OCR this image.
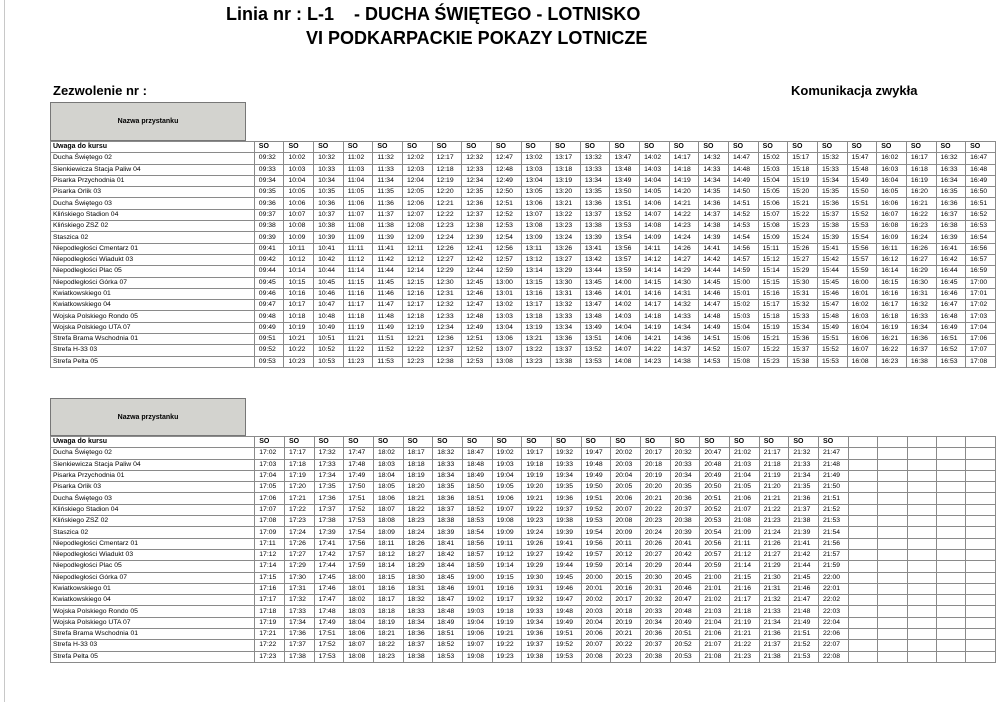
Linia nr : L-1    - DUCHA ŚWIĘTEGO - LOTNISKO
VI PODKARPACKIE POKAZY LOTNICZE
Zezwolenie nr :	Komunikacja zwykła
Nazwa przystanku
Uwaga do kursu	SO	SO	SO	SO	SO	SO	SO	SO	SO	SO	SO	SO	SO	SO	SO	SO	SO	SO	SO	SO	SO	SO	SO	SO	SO
Ducha Świętego 02	09:32	10:02	10:32	11:02	11:32	12:02	12:17	12:32	12:47	13:02	13:17	13:32	13:47	14:02	14:17	14:32	14:47	15:02	15:17	15:32	15:47	16:02	16:17	16:32	16:47
Sienkiewicza Stacja Paliw 04	09:33	10:03	10:33	11:03	11:33	12:03	12:18	12:33	12:48	13:03	13:18	13:33	13:48	14:03	14:18	14:33	14:48	15:03	15:18	15:33	15:48	16:03	16:18	16:33	16:48
Pisarka Przychodnia 01	09:34	10:04	10:34	11:04	11:34	12:04	12:19	12:34	12:49	13:04	13:19	13:34	13:49	14:04	14:19	14:34	14:49	15:04	15:19	15:34	15:49	16:04	16:19	16:34	16:49
Pisarka Orlik 03	09:35	10:05	10:35	11:05	11:35	12:05	12:20	12:35	12:50	13:05	13:20	13:35	13:50	14:05	14:20	14:35	14:50	15:05	15:20	15:35	15:50	16:05	16:20	16:35	16:50
Ducha Świętego 03	09:36	10:06	10:36	11:06	11:36	12:06	12:21	12:36	12:51	13:06	13:21	13:36	13:51	14:06	14:21	14:36	14:51	15:06	15:21	15:36	15:51	16:06	16:21	16:36	16:51
Klińskiego Stadion 04	09:37	10:07	10:37	11:07	11:37	12:07	12:22	12:37	12:52	13:07	13:22	13:37	13:52	14:07	14:22	14:37	14:52	15:07	15:22	15:37	15:52	16:07	16:22	16:37	16:52
Klińskiego ZSZ 02	09:38	10:08	10:38	11:08	11:38	12:08	12:23	12:38	12:53	13:08	13:23	13:38	13:53	14:08	14:23	14:38	14:53	15:08	15:23	15:38	15:53	16:08	16:23	16:38	16:53
Staszica 02	09:39	10:09	10:39	11:09	11:39	12:09	12:24	12:39	12:54	13:09	13:24	13:39	13:54	14:09	14:24	14:39	14:54	15:09	15:24	15:39	15:54	16:09	16:24	16:39	16:54
Niepodległości Cmentarz 01	09:41	10:11	10:41	11:11	11:41	12:11	12:26	12:41	12:56	13:11	13:26	13:41	13:56	14:11	14:26	14:41	14:56	15:11	15:26	15:41	15:56	16:11	16:26	16:41	16:56
Niepodległości Wiadukt 03	09:42	10:12	10:42	11:12	11:42	12:12	12:27	12:42	12:57	13:12	13:27	13:42	13:57	14:12	14:27	14:42	14:57	15:12	15:27	15:42	15:57	16:12	16:27	16:42	16:57
Niepodległości Plac 05	09:44	10:14	10:44	11:14	11:44	12:14	12:29	12:44	12:59	13:14	13:29	13:44	13:59	14:14	14:29	14:44	14:59	15:14	15:29	15:44	15:59	16:14	16:29	16:44	16:59
Niepodległości Górka 07	09:45	10:15	10:45	11:15	11:45	12:15	12:30	12:45	13:00	13:15	13:30	13:45	14:00	14:15	14:30	14:45	15:00	15:15	15:30	15:45	16:00	16:15	16:30	16:45	17:00
Kwiatkowskiego 01	09:46	10:16	10:46	11:16	11:46	12:16	12:31	12:46	13:01	13:16	13:31	13:46	14:01	14:16	14:31	14:46	15:01	15:16	15:31	15:46	16:01	16:16	16:31	16:46	17:01
Kwiatkowskiego 04	09:47	10:17	10:47	11:17	11:47	12:17	12:32	12:47	13:02	13:17	13:32	13:47	14:02	14:17	14:32	14:47	15:02	15:17	15:32	15:47	16:02	16:17	16:32	16:47	17:02
Wojska Polskiego Rondo 05	09:48	10:18	10:48	11:18	11:48	12:18	12:33	12:48	13:03	13:18	13:33	13:48	14:03	14:18	14:33	14:48	15:03	15:18	15:33	15:48	16:03	16:18	16:33	16:48	17:03
Wojska Polskiego UTA 07	09:49	10:19	10:49	11:19	11:49	12:19	12:34	12:49	13:04	13:19	13:34	13:49	14:04	14:19	14:34	14:49	15:04	15:19	15:34	15:49	16:04	16:19	16:34	16:49	17:04
Strefa Brama Wschodnia 01	09:51	10:21	10:51	11:21	11:51	12:21	12:36	12:51	13:06	13:21	13:36	13:51	14:06	14:21	14:36	14:51	15:06	15:21	15:36	15:51	16:06	16:21	16:36	16:51	17:06
Strefa H-33 03	09:52	10:22	10:52	11:22	11:52	12:22	12:37	12:52	13:07	13:22	13:37	13:52	14:07	14:22	14:37	14:52	15:07	15:22	15:37	15:52	16:07	16:22	16:37	16:52	17:07
Strefa Pelta 05	09:53	10:23	10:53	11:23	11:53	12:23	12:38	12:53	13:08	13:23	13:38	13:53	14:08	14:23	14:38	14:53	15:08	15:23	15:38	15:53	16:08	16:23	16:38	16:53	17:08
Nazwa przystanku
Uwaga do kursu	SO	SO	SO	SO	SO	SO	SO	SO	SO	SO	SO	SO	SO	SO	SO	SO	SO	SO	SO	SO					
Ducha Świętego 02	17:02	17:17	17:32	17:47	18:02	18:17	18:32	18:47	19:02	19:17	19:32	19:47	20:02	20:17	20:32	20:47	21:02	21:17	21:32	21:47					
Sienkiewicza Stacja Paliw 04	17:03	17:18	17:33	17:48	18:03	18:18	18:33	18:48	19:03	19:18	19:33	19:48	20:03	20:18	20:33	20:48	21:03	21:18	21:33	21:48					
Pisarka Przychodnia 01	17:04	17:19	17:34	17:49	18:04	18:19	18:34	18:49	19:04	19:19	19:34	19:49	20:04	20:19	20:34	20:49	21:04	21:19	21:34	21:49					
Pisarka Orlik 03	17:05	17:20	17:35	17:50	18:05	18:20	18:35	18:50	19:05	19:20	19:35	19:50	20:05	20:20	20:35	20:50	21:05	21:20	21:35	21:50					
Ducha Świętego 03	17:06	17:21	17:36	17:51	18:06	18:21	18:36	18:51	19:06	19:21	19:36	19:51	20:06	20:21	20:36	20:51	21:06	21:21	21:36	21:51					
Klińskiego Stadion 04	17:07	17:22	17:37	17:52	18:07	18:22	18:37	18:52	19:07	19:22	19:37	19:52	20:07	20:22	20:37	20:52	21:07	21:22	21:37	21:52					
Klińskiego ZSZ 02	17:08	17:23	17:38	17:53	18:08	18:23	18:38	18:53	19:08	19:23	19:38	19:53	20:08	20:23	20:38	20:53	21:08	21:23	21:38	21:53					
Staszica 02	17:09	17:24	17:39	17:54	18:09	18:24	18:39	18:54	19:09	19:24	19:39	19:54	20:09	20:24	20:39	20:54	21:09	21:24	21:39	21:54					
Niepodległości Cmentarz 01	17:11	17:26	17:41	17:56	18:11	18:26	18:41	18:56	19:11	19:26	19:41	19:56	20:11	20:26	20:41	20:56	21:11	21:26	21:41	21:56					
Niepodległości Wiadukt 03	17:12	17:27	17:42	17:57	18:12	18:27	18:42	18:57	19:12	19:27	19:42	19:57	20:12	20:27	20:42	20:57	21:12	21:27	21:42	21:57					
Niepodległości Plac 05	17:14	17:29	17:44	17:59	18:14	18:29	18:44	18:59	19:14	19:29	19:44	19:59	20:14	20:29	20:44	20:59	21:14	21:29	21:44	21:59					
Niepodległości Górka 07	17:15	17:30	17:45	18:00	18:15	18:30	18:45	19:00	19:15	19:30	19:45	20:00	20:15	20:30	20:45	21:00	21:15	21:30	21:45	22:00					
Kwiatkowskiego 01	17:16	17:31	17:46	18:01	18:16	18:31	18:46	19:01	19:16	19:31	19:46	20:01	20:16	20:31	20:46	21:01	21:16	21:31	21:46	22:01					
Kwiatkowskiego 04	17:17	17:32	17:47	18:02	18:17	18:32	18:47	19:02	19:17	19:32	19:47	20:02	20:17	20:32	20:47	21:02	21:17	21:32	21:47	22:02					
Wojska Polskiego Rondo 05	17:18	17:33	17:48	18:03	18:18	18:33	18:48	19:03	19:18	19:33	19:48	20:03	20:18	20:33	20:48	21:03	21:18	21:33	21:48	22:03					
Wojska Polskiego UTA 07	17:19	17:34	17:49	18:04	18:19	18:34	18:49	19:04	19:19	19:34	19:49	20:04	20:19	20:34	20:49	21:04	21:19	21:34	21:49	22:04					
Strefa Brama Wschodnia 01	17:21	17:36	17:51	18:06	18:21	18:36	18:51	19:06	19:21	19:36	19:51	20:06	20:21	20:36	20:51	21:06	21:21	21:36	21:51	22:06					
Strefa H-33 03	17:22	17:37	17:52	18:07	18:22	18:37	18:52	19:07	19:22	19:37	19:52	20:07	20:22	20:37	20:52	21:07	21:22	21:37	21:52	22:07					
Strefa Pelta 05	17:23	17:38	17:53	18:08	18:23	18:38	18:53	19:08	19:23	19:38	19:53	20:08	20:23	20:38	20:53	21:08	21:23	21:38	21:53	22:08					
